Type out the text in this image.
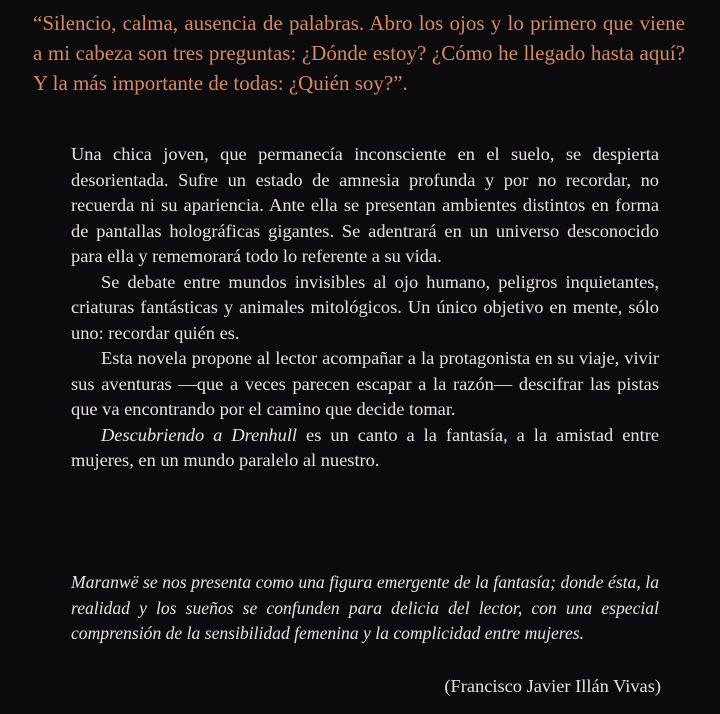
“Silencio, calma, ausencia de palabras. Abro los ojos y lo primero que viene a mi cabeza son tres preguntas: ¿Dónde estoy? ¿Cómo he llegado hasta aquí? Y la más importante de todas: ¿Quién soy?”.

Una chica joven, que permanecía inconsciente en el suelo, se despierta desorientada. Sufre un estado de amnesia profunda y por no recordar, no recuerda ni su apariencia. Ante ella se presentan ambientes distintos en forma de pantallas holográficas gigantes. Se adentrará en un universo desconocido para ella y rememorará todo lo referente a su vida.

Se debate entre mundos invisibles al ojo humano, peligros inquietantes, criaturas fantásticas y animales mitológicos. Un único objetivo en mente, sólo uno: recordar quién es.

Esta novela propone al lector acompañar a la protagonista en su viaje, vivir sus aventuras —que a veces parecen escapar a la razón— descifrar las pistas que va encontrando por el camino que decide tomar.

Descubriendo a Drenhull es un canto a la fantasía, a la amistad entre mujeres, en un mundo paralelo al nuestro.

Maranwë se nos presenta como una figura emergente de la fantasía; donde ésta, la realidad y los sueños se confunden para delicia del lector, con una especial comprensión de la sensibilidad femenina y la complicidad entre mujeres.

(Francisco Javier Illán Vivas)
